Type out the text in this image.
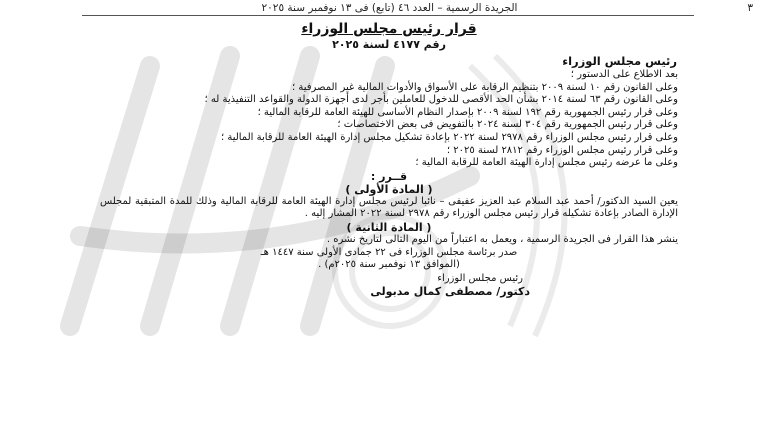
٣
الجريدة الرسمية – العدد ٤٦ (تابع) فى ١٣ نوفمبر سنة ٢٠٢٥
قرار رئيس مجلس الوزراء
رقم ٤١٧٧ لسنة ٢٠٢٥
رئيس مجلس الوزراء

بعد الاطلاع على الدستور ؛

وعلى القانون رقم ١٠ لسنة ٢٠٠٩ بتنظيم الرقابة على الأسواق والأدوات المالية غير المصرفية ؛

وعلى القانون رقم ٦٣ لسنة ٢٠١٤ بشأن الحد الأقصى للدخول للعاملين بأجر لدى أجهزة الدولة والقواعد التنفيذية له ؛

وعلى قرار رئيس الجمهورية رقم ١٩٢ لسنة ٢٠٠٩ بإصدار النظام الأساسى للهيئة العامة للرقابة المالية ؛

وعلى قرار رئيس الجمهورية رقم ٣٠٤ لسنة ٢٠٢٤ بالتفويض فى بعض الاختصاصات ؛

وعلى قرار رئيس مجلس الوزراء رقم ٢٩٧٨ لسنة ٢٠٢٢ بإعادة تشكيل مجلس إدارة الهيئة العامة للرقابة المالية ؛

وعلى قرار رئيس مجلس الوزراء رقم ٢٨١٢ لسنة ٢٠٢٥ ؛

وعلى ما عرضه رئيس مجلس إدارة الهيئة العامة للرقابة المالية ؛

قــرر :
( المادة الأولى )

يعين السيد الدكتور/ أحمد عبد السلام عبد العزيز عفيفى – نائبا لرئيس مجلس إدارة الهيئة العامة للرقابة المالية وذلك للمدة المتبقية لمجلس الإدارة الصادر بإعادة تشكيله قرار رئيس مجلس الوزراء رقم ٢٩٧٨ لسنة ٢٠٢٢ المشار إليه .

( المادة الثانية )

ينشر هذا القرار فى الجريدة الرسمية ، ويعمل به اعتباراً من اليوم التالى لتاريخ نشره .

صدر برئاسة مجلس الوزراء فى ٢٢ جمادى الأولى سنة ١٤٤٧ هـ
(الموافق ١٣ نوفمبر سنة ٢٠٢٥م) .
رئيس مجلس الوزراء
دكتور/ مصطفى كمال مدبولى
